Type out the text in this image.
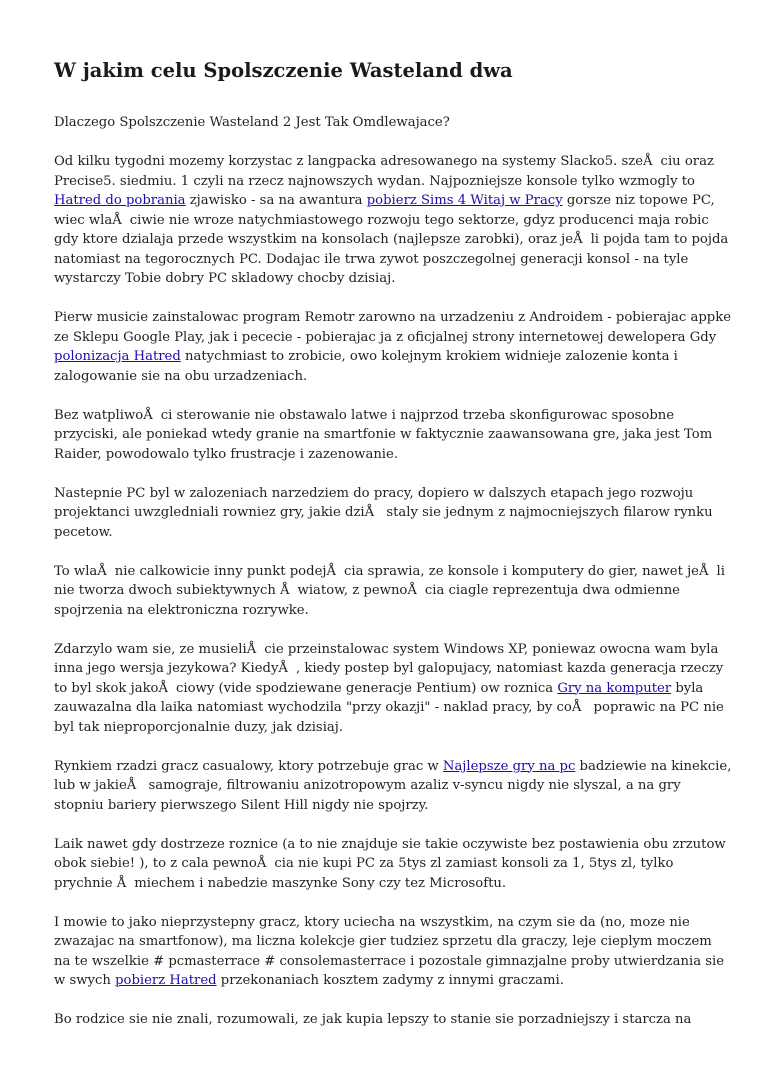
W jakim celu Spolszczenie Wasteland dwa

Dlaczego Spolszczenie Wasteland 2 Jest Tak Omdlewajace?

Od kilku tygodni mozemy korzystac z langpacka adresowanego na systemy Slacko5. szeÅciu oraz
Precise5. siedmiu. 1 czyli na rzecz najnowszych wydan. Najpozniejsze konsole tylko wzmogly to
Hatred do pobrania zjawisko - sa na awantura pobierz Sims 4 Witaj w Pracy gorsze niz topowe PC,
wiec wlaÅciwie nie wroze natychmiastowego rozwoju tego sektorze, gdyz producenci maja robic
gdy ktore dzialaja przede wszystkim na konsolach (najlepsze zarobki), oraz jeÅli pojda tam to pojda
natomiast na tegorocznych PC. Dodajac ile trwa zywot poszczegolnej generacji konsol - na tyle
wystarczy Tobie dobry PC skladowy chocby dzisiaj.

Pierw musicie zainstalowac program Remotr zarowno na urzadzeniu z Androidem - pobierajac appke
ze Sklepu Google Play, jak i pececie - pobierajac ja z oficjalnej strony internetowej dewelopera Gdy
polonizacja Hatred natychmiast to zrobicie, owo kolejnym krokiem widnieje zalozenie konta i
zalogowanie sie na obu urzadzeniach.

Bez watpliwoÅci sterowanie nie obstawalo latwe i najprzod trzeba skonfigurowac sposobne
przyciski, ale poniekad wtedy granie na smartfonie w faktycznie zaawansowana gre, jaka jest Tom
Raider, powodowalo tylko frustracje i zazenowanie.

Nastepnie PC byl w zalozeniach narzedziem do pracy, dopiero w dalszych etapach jego rozwoju
projektanci uwzgledniali rowniez gry, jakie dziÅ staly sie jednym z najmocniejszych filarow rynku
pecetow.

To wlaÅnie calkowicie inny punkt podejÅcia sprawia, ze konsole i komputery do gier, nawet jeÅli
nie tworza dwoch subiektywnych Åwiatow, z pewnoÅcia ciagle reprezentuja dwa odmienne
spojrzenia na elektroniczna rozrywke.

Zdarzylo wam sie, ze musieliÅcie przeinstalowac system Windows XP, poniewaz owocna wam byla
inna jego wersja jezykowa? KiedyÅ, kiedy postep byl galopujacy, natomiast kazda generacja rzeczy
to byl skok jakoÅciowy (vide spodziewane generacje Pentium) ow roznica Gry na komputer byla
zauwazalna dla laika natomiast wychodzila "przy okazji" - naklad pracy, by coÅ poprawic na PC nie
byl tak nieproporcjonalnie duzy, jak dzisiaj.

Rynkiem rzadzi gracz casualowy, ktory potrzebuje grac w Najlepsze gry na pc badziewie na kinekcie,
lub w jakieÅ samograje, filtrowaniu anizotropowym azaliz v-syncu nigdy nie slyszal, a na gry
stopniu bariery pierwszego Silent Hill nigdy nie spojrzy.

Laik nawet gdy dostrzeze roznice (a to nie znajduje sie takie oczywiste bez postawienia obu zrzutow
obok siebie! ), to z cala pewnoÅcia nie kupi PC za 5tys zl zamiast konsoli za 1, 5tys zl, tylko
prychnie Åmiechem i nabedzie maszynke Sony czy tez Microsoftu.

I mowie to jako nieprzystepny gracz, ktory uciecha na wszystkim, na czym sie da (no, moze nie
zwazajac na smartfonow), ma liczna kolekcje gier tudziez sprzetu dla graczy, leje cieplym moczem
na te wszelkie # pcmasterrace # consolemasterrace i pozostale gimnazjalne proby utwierdzania sie
w swych pobierz Hatred przekonaniach kosztem zadymy z innymi graczami.

Bo rodzice sie nie znali, rozumowali, ze jak kupia lepszy to stanie sie porzadniejszy i starcza na
